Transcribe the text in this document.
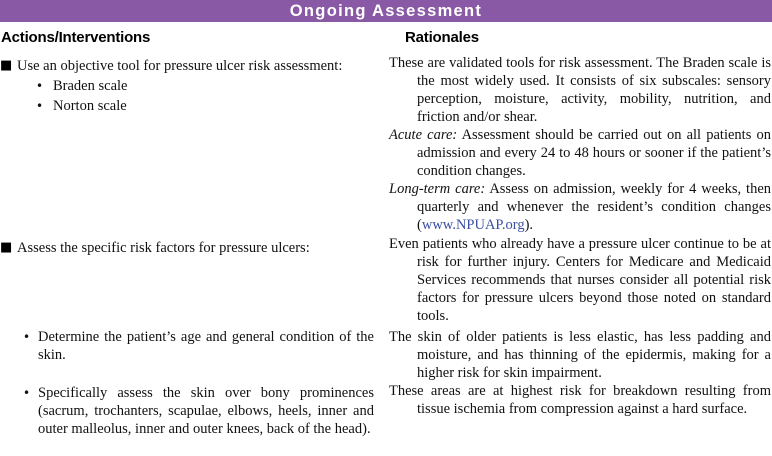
Ongoing Assessment
Actions/Interventions	Rationales
■ Use an objective tool for pressure ulcer risk assessment:
• Braden scale
• Norton scale
■ Assess the specific risk factors for pressure ulcers:
• Determine the patient’s age and general condition of the skin.
• Specifically assess the skin over bony prominences (sacrum, trochanters, scapulae, elbows, heels, inner and outer malleolus, inner and outer knees, back of the head).
These are validated tools for risk assessment. The Braden scale is the most widely used. It consists of six subscales: sensory perception, moisture, activity, mobility, nutrition, and friction and/or shear.
Acute care: Assessment should be carried out on all patients on admission and every 24 to 48 hours or sooner if the patient’s condition changes.
Long-term care: Assess on admission, weekly for 4 weeks, then quarterly and whenever the resident’s condition changes (www.NPUAP.org).
Even patients who already have a pressure ulcer continue to be at risk for further injury. Centers for Medicare and Medicaid Services recommends that nurses consider all potential risk factors for pressure ulcers beyond those noted on standard tools.
The skin of older patients is less elastic, has less padding and moisture, and has thinning of the epidermis, making for a higher risk for skin impairment.
These areas are at highest risk for breakdown resulting from tissue ischemia from compression against a hard surface.
